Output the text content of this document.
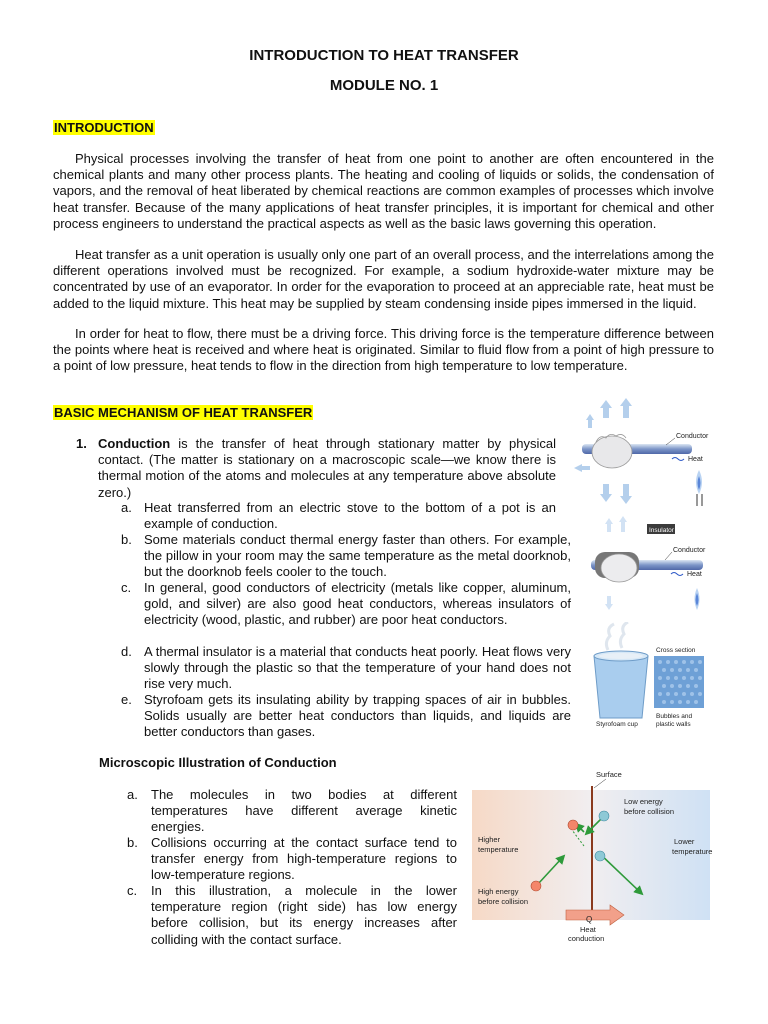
INTRODUCTION TO HEAT TRANSFER
MODULE NO. 1
INTRODUCTION

Physical processes involving the transfer of heat from one point to another are often encountered in the chemical plants and many other process plants. The heating and cooling of liquids or solids, the condensation of vapors, and the removal of heat liberated by chemical reactions are common examples of processes which involve heat transfer. Because of the many applications of heat transfer principles, it is important for chemical and other process engineers to understand the practical aspects as well as the basic laws governing this operation.

Heat transfer as a unit operation is usually only one part of an overall process, and the interrelations among the different operations involved must be recognized. For example, a sodium hydroxide-water mixture may be concentrated by use of an evaporator. In order for the evaporation to proceed at an appreciable rate, heat must be added to the liquid mixture. This heat may be supplied by steam condensing inside pipes immersed in the liquid.

In order for heat to flow, there must be a driving force. This driving force is the temperature difference between the points where heat is received and where heat is originated. Similar to fluid flow from a point of high pressure to a point of low pressure, heat tends to flow in the direction from high temperature to low temperature.

BASIC MECHANISM OF HEAT TRANSFER
1. Conduction is the transfer of heat through stationary matter by physical contact. (The matter is stationary on a macroscopic scale—we know there is thermal motion of the atoms and molecules at any temperature above absolute zero.)
a. Heat transferred from an electric stove to the bottom of a pot is an example of conduction.
b. Some materials conduct thermal energy faster than others. For example, the pillow in your room may the same temperature as the metal doorknob, but the doorknob feels cooler to the touch.
In general, good conductors of electricity (metals like copper, aluminum, gold, and silver) are also good heat conductors, whereas insulators of electricity (wood, plastic, and rubber) are poor heat conductors.
c.
d. A thermal insulator is a material that conducts heat poorly. Heat flows very slowly through the plastic so that the temperature of your hand does not rise very much.
e. Styrofoam gets its insulating ability by trapping spaces of air in bubbles. Solids usually are better heat conductors than liquids, and liquids are better conductors than gases.
Microscopic Illustration of Conduction
a. The molecules in two bodies at different temperatures have different average kinetic energies.
b. Collisions occurring at the contact surface tend to transfer energy from high-temperature regions to low-temperature regions.
c. In this illustration, a molecule in the lower temperature region (right side) has low energy before collision, but its energy increases after colliding with the contact surface.
Conductor
Heat
Insulator
Conductor
Heat
Styrofoam cup
Cross section
Bubbles and
plastic walls
Surface
Low energy
before collision
Higher
temperature
Lower
temperature
High energy
before collision
Q
Heat
conduction
